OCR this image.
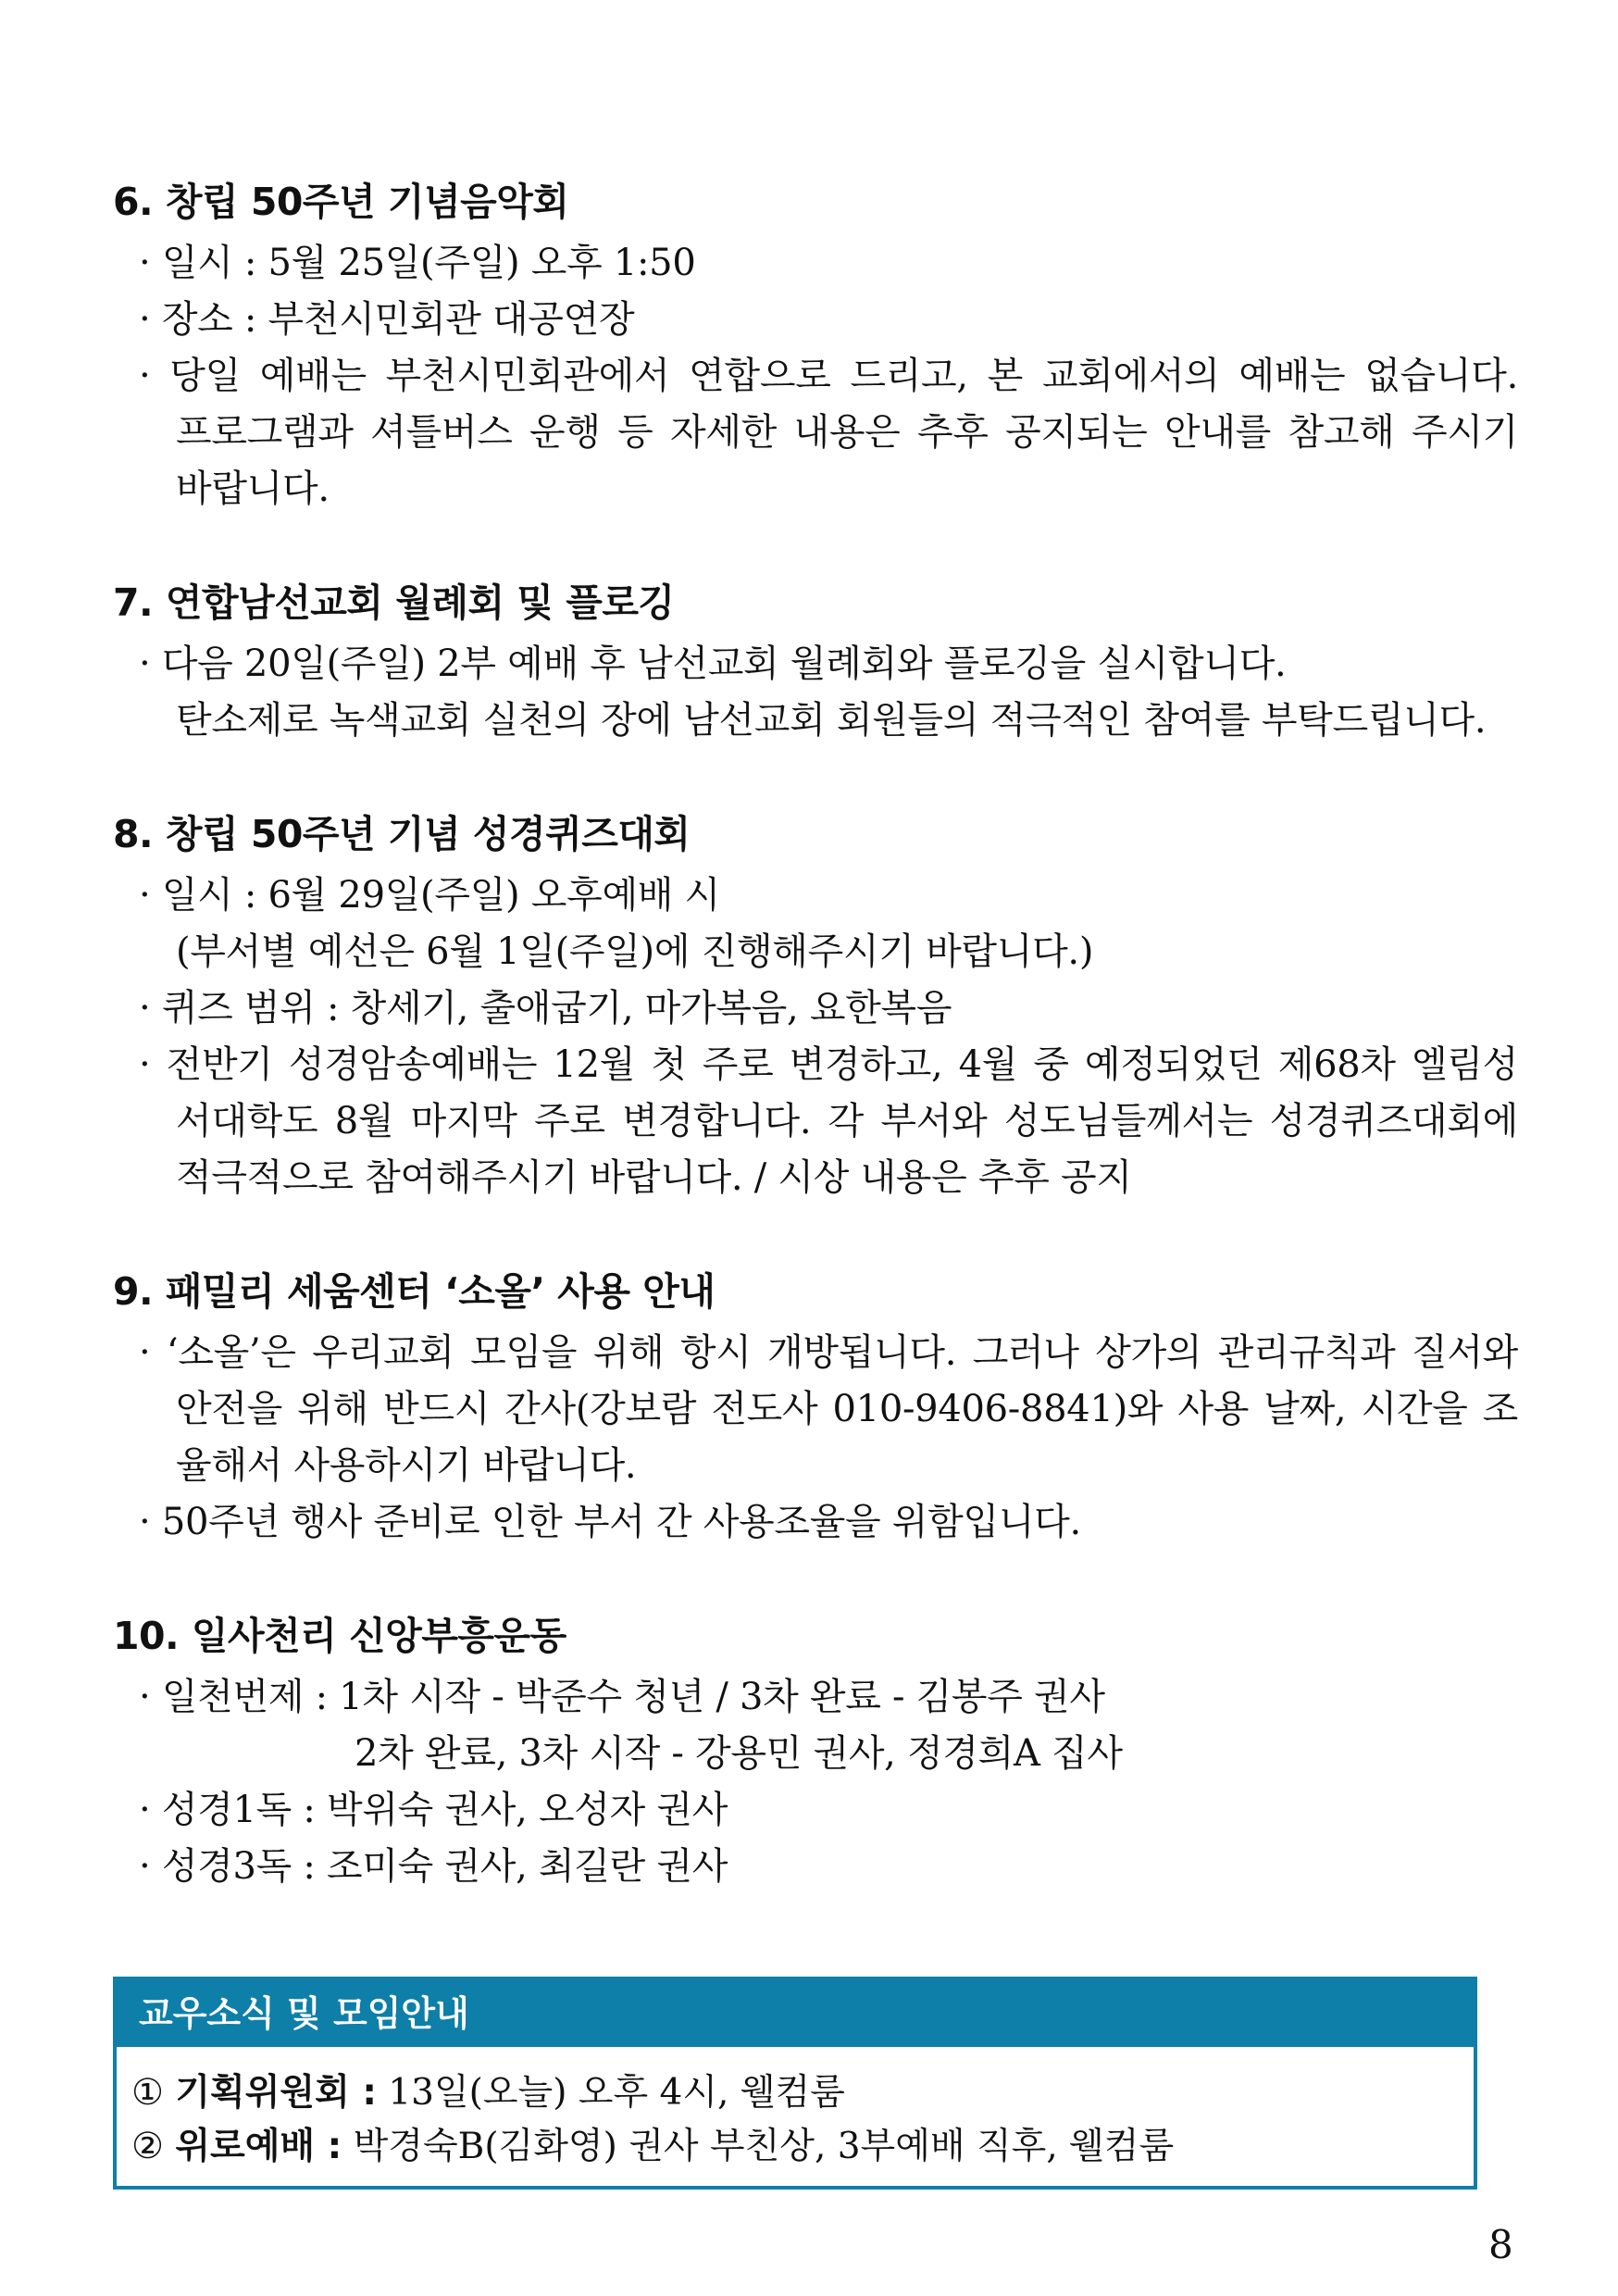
6. 창립 50주년 기념음악회
· 일시 : 5월 25일(주일) 오후 1:50
· 장소 : 부천시민회관 대공연장
· 당일 예배는 부천시민회관에서 연합으로 드리고, 본 교회에서의 예배는 없습니다.
프로그램과 셔틀버스 운행 등 자세한 내용은 추후 공지되는 안내를 참고해 주시기
바랍니다.
7. 연합남선교회 월례회 및 플로깅
· 다음 20일(주일) 2부 예배 후 남선교회 월례회와 플로깅을 실시합니다.
탄소제로 녹색교회 실천의 장에 남선교회 회원들의 적극적인 참여를 부탁드립니다.
8. 창립 50주년 기념 성경퀴즈대회
· 일시 : 6월 29일(주일) 오후예배 시
(부서별 예선은 6월 1일(주일)에 진행해주시기 바랍니다.)
· 퀴즈 범위 : 창세기, 출애굽기, 마가복음, 요한복음
· 전반기 성경암송예배는 12월 첫 주로 변경하고, 4월 중 예정되었던 제68차 엘림성
서대학도 8월 마지막 주로 변경합니다. 각 부서와 성도님들께서는 성경퀴즈대회에
적극적으로 참여해주시기 바랍니다. / 시상 내용은 추후 공지
9. 패밀리 세움센터 ‘소올’ 사용 안내
· ‘소올’은 우리교회 모임을 위해 항시 개방됩니다. 그러나 상가의 관리규칙과 질서와
안전을 위해 반드시 간사(강보람 전도사 010-9406-8841)와 사용 날짜, 시간을 조
율해서 사용하시기 바랍니다.
· 50주년 행사 준비로 인한 부서 간 사용조율을 위함입니다.
10. 일사천리 신앙부흥운동
· 일천번제 : 1차 시작 - 박준수 청년 / 3차 완료 - 김봉주 권사
2차 완료, 3차 시작 - 강용민 권사, 정경희A 집사
· 성경1독 : 박위숙 권사, 오성자 권사
· 성경3독 : 조미숙 권사, 최길란 권사
교우소식 및 모임안내
① 기획위원회 : 13일(오늘) 오후 4시, 웰컴룸
② 위로예배 : 박경숙B(김화영) 권사 부친상, 3부예배 직후, 웰컴룸
8
